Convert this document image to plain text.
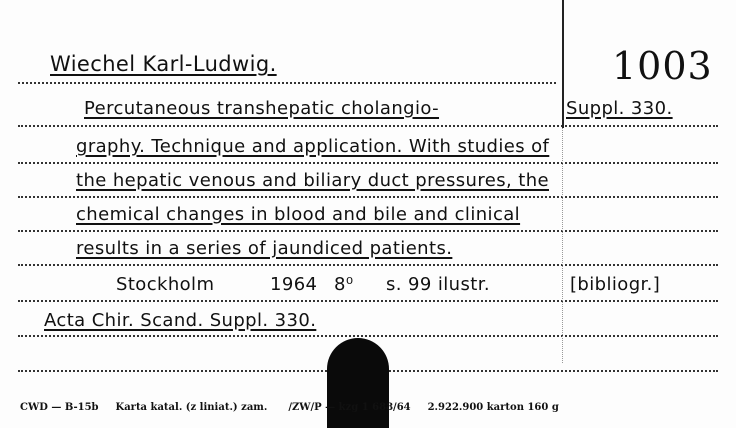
Wiechel Karl-Ludwig.	1003
Percutaneous transhepatic cholangio-	Suppl. 330.
graphy. Technique and application. With studies of
the hepatic venous and biliary duct pressures, the
chemical changes in blood and bile and clinical
results in a series of jaundiced patients.
Stockholm	1964 8⁰ s. 99 ilustr.	[bibliogr.]
Acta Chir. Scand. Suppl. 330.
CWD — B-15b Karta katal. (z liniat.) zam. /ZW/P — kzg 1 688/64 2.922.900 karton 160 g
